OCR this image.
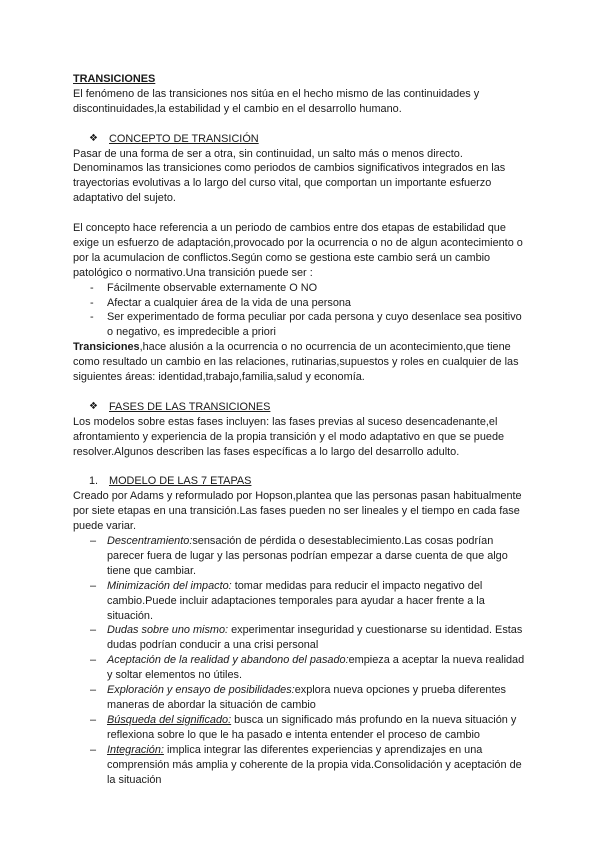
TRANSICIONES

El fenómeno de las transiciones nos sitúa en el hecho mismo de las continuidades y discontinuidades,la estabilidad y el cambio en el desarrollo humano.

❖	CONCEPTO DE TRANSICIÓN

Pasar de una forma de ser a otra, sin continuidad, un salto más o menos directo. Denominamos las transiciones como periodos de cambios significativos integrados en las trayectorias evolutivas a lo largo del curso vital, que comportan un importante esfuerzo adaptativo del sujeto.

El concepto hace referencia a un periodo de cambios entre dos etapas de estabilidad que exige un esfuerzo de adaptación,provocado por la ocurrencia o no de algun acontecimiento o por la acumulacion de conflictos.Según como se gestiona este cambio será un cambio patológico o normativo.Una transición puede ser :

-	Fácilmente observable externamente O NO
-	Afectar a cualquier área de la vida de una persona
-	Ser experimentado de forma peculiar por cada persona y cuyo desenlace sea positivo o negativo, es impredecible a priori

Transiciones,hace alusión a la ocurrencia o no ocurrencia de un acontecimiento,que tiene como resultado un cambio en las relaciones, rutinarias,supuestos y roles en cualquier de las siguientes áreas: identidad,trabajo,familia,salud y economía.

❖	FASES DE LAS TRANSICIONES

Los modelos sobre estas fases incluyen: las fases previas al suceso desencadenante,el afrontamiento y experiencia de la propia transición y el modo adaptativo en que se puede resolver.Algunos describen las fases específicas a lo largo del desarrollo adulto.

1.	MODELO DE LAS 7 ETAPAS

Creado por Adams y reformulado por Hopson,plantea que las personas pasan habitualmente por siete etapas en una transición.Las fases pueden no ser lineales y el tiempo en cada fase puede variar.

–	Descentramiento:sensación de pérdida o desestablecimiento.Las cosas podrían parecer fuera de lugar y las personas podrían empezar a darse cuenta de que algo tiene que cambiar.
–	Minimización del impacto: tomar medidas para reducir el impacto negativo del cambio.Puede incluir adaptaciones temporales para ayudar a hacer frente a la situación.
–	Dudas sobre uno mismo: experimentar inseguridad y cuestionarse su identidad. Estas dudas podrían conducir a una crisi personal
–	Aceptación de la realidad y abandono del pasado:empieza a aceptar la nueva realidad y soltar elementos no útiles.
–	Exploración y ensayo de posibilidades:explora nueva opciones y prueba diferentes maneras de abordar la situación de cambio
–	Búsqueda del significado: busca un significado más profundo en la nueva situación y reflexiona sobre lo que le ha pasado e intenta entender el proceso de cambio
–	Integración: implica integrar las diferentes experiencias y aprendizajes en una comprensión más amplia y coherente de la propia vida.Consolidación y aceptación de la situación
